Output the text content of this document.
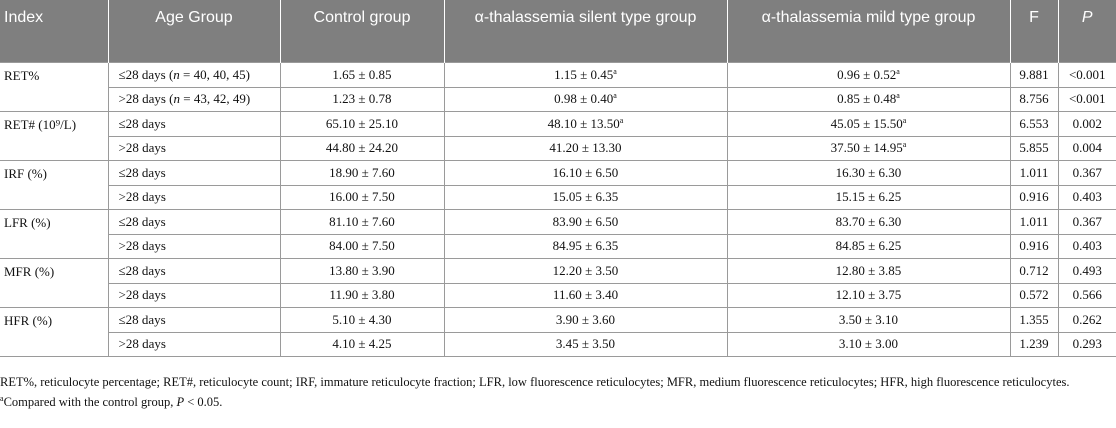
Index	Age Group	Control group	α-thalassemia silent type group	α-thalassemia mild type group	F	P
RET%	≤28 days (n = 40, 40, 45)	1.65 ± 0.85	1.15 ± 0.45$^a$	0.96 ± 0.52$^a$	9.881	<0.001
	>28 days (n = 43, 42, 49)	1.23 ± 0.78	0.98 ± 0.40$^a$	0.85 ± 0.48$^a$	8.756	<0.001
RET# (10⁹/L)	≤28 days	65.10 ± 25.10	48.10 ± 13.50$^a$	45.05 ± 15.50$^a$	6.553	0.002
	>28 days	44.80 ± 24.20	41.20 ± 13.30	37.50 ± 14.95$^a$	5.855	0.004
IRF (%)	≤28 days	18.90 ± 7.60	16.10 ± 6.50	16.30 ± 6.30	1.011	0.367
	>28 days	16.00 ± 7.50	15.05 ± 6.35	15.15 ± 6.25	0.916	0.403
LFR (%)	≤28 days	81.10 ± 7.60	83.90 ± 6.50	83.70 ± 6.30	1.011	0.367
	>28 days	84.00 ± 7.50	84.95 ± 6.35	84.85 ± 6.25	0.916	0.403
MFR (%)	≤28 days	13.80 ± 3.90	12.20 ± 3.50	12.80 ± 3.85	0.712	0.493
	>28 days	11.90 ± 3.80	11.60 ± 3.40	12.10 ± 3.75	0.572	0.566
HFR (%)	≤28 days	5.10 ± 4.30	3.90 ± 3.60	3.50 ± 3.10	1.355	0.262
	>28 days	4.10 ± 4.25	3.45 ± 3.50	3.10 ± 3.00	1.239	0.293

RET%, reticulocyte percentage; RET#, reticulocyte count; IRF, immature reticulocyte fraction; LFR, low fluorescence reticulocytes; MFR, medium fluorescence reticulocytes; HFR, high fluorescence reticulocytes.

$^a$Compared with the control group, P < 0.05.
